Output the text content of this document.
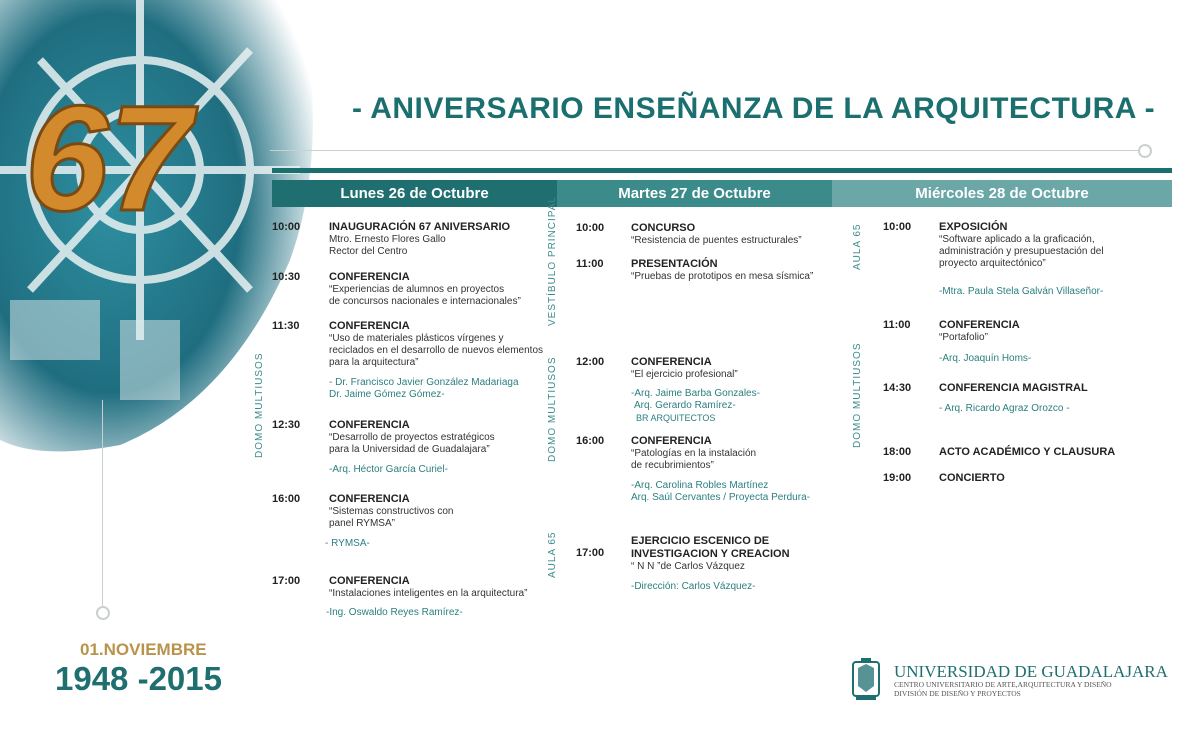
67	- ANIVERSARIO ENSEÑANZA DE LA ARQUITECTURA -
Lunes 26 de Octubre	Martes 27 de Octubre	Miércoles 28 de Octubre
DOMO MULTIUSOS
VESTÍBULO PRINCIPAL
DOMO MULTIUSOS
AULA 65
AULA 65
DOMO MULTIUSOS
10:00	INAUGURACIÓN 67 ANIVERSARIO
Mtro. Ernesto Flores Gallo
Rector del Centro
10:30	CONFERENCIA
“Experiencias de alumnos en proyectos
de concursos nacionales e internacionales”
11:30	CONFERENCIA
“Uso de materiales plásticos vírgenes y
reciclados en el desarrollo de nuevos elementos
para la arquitectura”
- Dr. Francisco Javier González Madariaga
Dr. Jaime Gómez Gómez-
12:30	CONFERENCIA
“Desarrollo de proyectos estratégicos
para la Universidad de Guadalajara”
-Arq. Héctor García Curiel-
16:00	CONFERENCIA
“Sistemas constructivos con
panel RYMSA”
- RYMSA-
17:00	CONFERENCIA
“Instalaciones inteligentes en la arquitectura”
-Ing. Oswaldo Reyes Ramírez-
10:00 CONCURSO
“Resistencia de puentes estructurales”
11:00 PRESENTACIÓN
“Pruebas de prototipos en mesa sísmica”
12:00 CONFERENCIA
“El ejercicio profesional”
-Arq. Jaime Barba Gonzales-
Arq. Gerardo Ramírez-
BR ARQUITECTOS
16:00 CONFERENCIA
“Patologías en la instalación
de recubrimientos”
-Arq. Carolina Robles Martínez
Arq. Saúl Cervantes / Proyecta Perdura-
17:00
EJERCICIO ESCENICO DE
INVESTIGACION Y CREACION
“ N N ”de Carlos Vázquez
-Dirección: Carlos Vázquez-
10:00	EXPOSICIÓN
“Software aplicado a la graficación,
administración y presupuestación del
proyecto arquitectónico”
-Mtra. Paula Stela Galván Villaseñor-
11:00	CONFERENCIA
“Portafolio”
-Arq. Joaquín Homs-
14:30	CONFERENCIA MAGISTRAL
- Arq. Ricardo Agraz Orozco -
18:00	ACTO ACADÉMICO Y CLAUSURA
19:00	CONCIERTO
01.NOVIEMBRE
1948 -2015	UNIVERSIDAD DE GUADALAJARA
CENTRO UNIVERSITARIO DE ARTE,ARQUITECTURA Y DISEÑO
DIVISIÓN DE DISEÑO Y PROYECTOS
